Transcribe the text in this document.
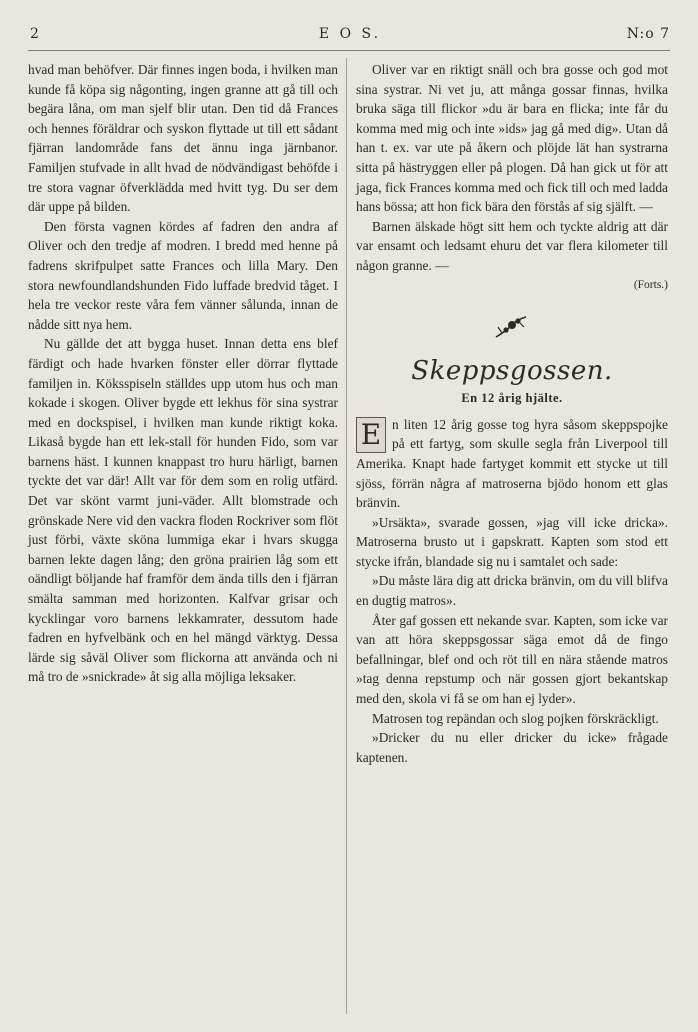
2	E O S.	N:o 7

hvad man behöfver. Där finnes ingen boda, i hvilken man kunde få köpa sig någonting, ingen granne att gå till och begära låna, om man sjelf blir utan. Den tid då Frances och hennes föräldrar och syskon flyttade ut till ett sådant fjärran landområde fans det ännu inga järnbanor. Familjen stufvade in allt hvad de nödvändigast behöfde i tre stora vagnar öfverklädda med hvitt tyg. Du ser dem där uppe på bilden.

Den första vagnen kördes af fadren den andra af Oliver och den tredje af modren. I bredd med henne på fadrens skrifpulpet satte Frances och lilla Mary. Den stora newfoundlandshunden Fido luffade bredvid tåget. I hela tre veckor reste våra fem vänner sålunda, innan de nådde sitt nya hem.

Nu gällde det att bygga huset. Innan detta ens blef färdigt och hade hvarken fönster eller dörrar flyttade familjen in. Köksspiseln ställdes upp utom hus och man kokade i skogen. Oliver bygde ett lekhus för sina systrar med en dockspisel, i hvilken man kunde riktigt koka. Likaså bygde han ett lek-stall för hunden Fido, som var barnens häst. I kunnen knappast tro huru härligt, barnen tyckte det var där! Allt var för dem som en rolig utfärd. Det var skönt varmt juni-väder. Allt blomstrade och grönskade Nere vid den vackra floden Rockriver som flöt just förbi, växte sköna lummiga ekar i hvars skugga barnen lekte dagen lång; den gröna prairien låg som ett oändligt böljande haf framför dem ända tills den i fjärran smälta samman med horizonten. Kalfvar grisar och kycklingar voro barnens lekkamrater, dessutom hade fadren en hyfvelbänk och en hel mängd värktyg. Dessa lärde sig såväl Oliver som flickorna att använda och ni må tro de »snickrade» åt sig alla möjliga leksaker.

Oliver var en riktigt snäll och bra gosse och god mot sina systrar. Ni vet ju, att många gossar finnas, hvilka bruka säga till flickor »du är bara en flicka; inte får du komma med mig och inte »ids» jag gå med dig». Utan då han t. ex. var ute på åkern och plöjde lät han systrarna sitta på hästryggen eller på plogen. Då han gick ut för att jaga, fick Frances komma med och fick till och med ladda hans bössa; att hon fick bära den förstås af sig själft. —

Barnen älskade högt sitt hem och tyckte aldrig att där var ensamt och ledsamt ehuru det var flera kilometer till någon granne. —

(Forts.)

Skeppsgossen.
En 12 årig hjälte.

E n liten 12 årig gosse tog hyra såsom skeppspojke på ett fartyg, som skulle segla från Liverpool till Amerika. Knapt hade fartyget kommit ett stycke ut till sjöss, förrän några af matroserna bjödo honom ett glas bränvin.

»Ursäkta», svarade gossen, »jag vill icke dricka». Matroserna brusto ut i gapskratt. Kapten som stod ett stycke ifrån, blandade sig nu i samtalet och sade:

»Du måste lära dig att dricka bränvin, om du vill blifva en dugtig matros».

Åter gaf gossen ett nekande svar. Kapten, som icke var van att höra skeppsgossar säga emot då de fingo befallningar, blef ond och röt till en nära stående matros »tag denna repstump och när gossen gjort bekantskap med den, skola vi få se om han ej lyder».

Matrosen tog repändan och slog pojken förskräckligt.

»Dricker du nu eller dricker du icke» frågade kaptenen.
